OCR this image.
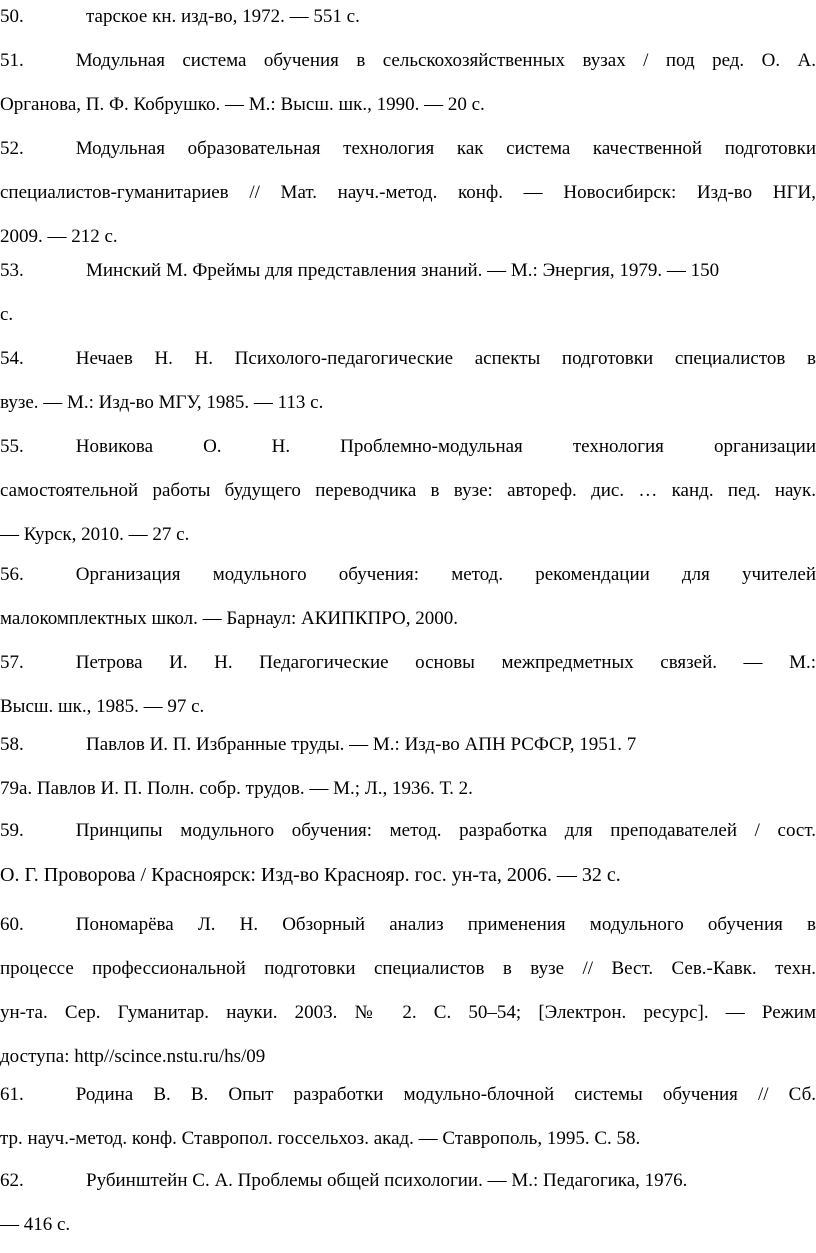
50.	тарское кн. изд-во, 1972. — 551 с.
51.	Модульная система обучения в сельскохозяйственных вузах / под ред. О. А.
Органова, П. Ф. Кобрушко. — М.: Высш. шк., 1990. — 20 с.
52.	Модульная образовательная технология как система качественной подготовки
специалистов-гуманитариев // Мат. науч.-метод. конф. — Новосибирск: Изд-во НГИ,
2009. — 212 с.
53.	Минский М. Фреймы для представления знаний. — М.: Энергия, 1979. — 150
с.
54.	Нечаев Н. Н. Психолого-педагогические аспекты подготовки специалистов в
вузе. — М.: Изд-во МГУ, 1985. — 113 с.
55.	Новикова О. Н. Проблемно-модульная технология организации
самостоятельной работы будущего переводчика в вузе: автореф. дис. … канд. пед. наук.
— Курск, 2010. — 27 с.
56.	Организация модульного обучения: метод. рекомендации для учителей
малокомплектных школ. — Барнаул: АКИПКПРО, 2000.
57.	Петрова И. Н. Педагогические основы межпредметных связей. — М.:
Высш. шк., 1985. — 97 с.
58.	Павлов И. П. Избранные труды. — М.: Изд-во АПН РСФСР, 1951. 7
79а. Павлов И. П. Полн. собр. трудов. — М.; Л., 1936. Т. 2.
59.	Принципы модульного обучения: метод. разработка для преподавателей / сост.
О. Г. Проворова / Красноярск: Изд-во Краснояр. гос. ун-та, 2006. — 32 с.
60.	Пономарёва Л. Н. Обзорный анализ применения модульного обучения в
процессе профессиональной подготовки специалистов в вузе // Вест. Сев.-Кавк. техн.
ун-та. Сер. Гуманитар. науки. 2003. № 2. С. 50–54; [Электрон. ресурс]. — Режим
доступа: http//scince.nstu.ru/hs/09
61.	Родина В. В. Опыт разработки модульно-блочной системы обучения // Сб.
тр. науч.-метод. конф. Ставропол. госсельхоз. акад. — Ставрополь, 1995. С. 58.
62.	Рубинштейн С. А. Проблемы общей психологии. — М.: Педагогика, 1976.
— 416 с.
